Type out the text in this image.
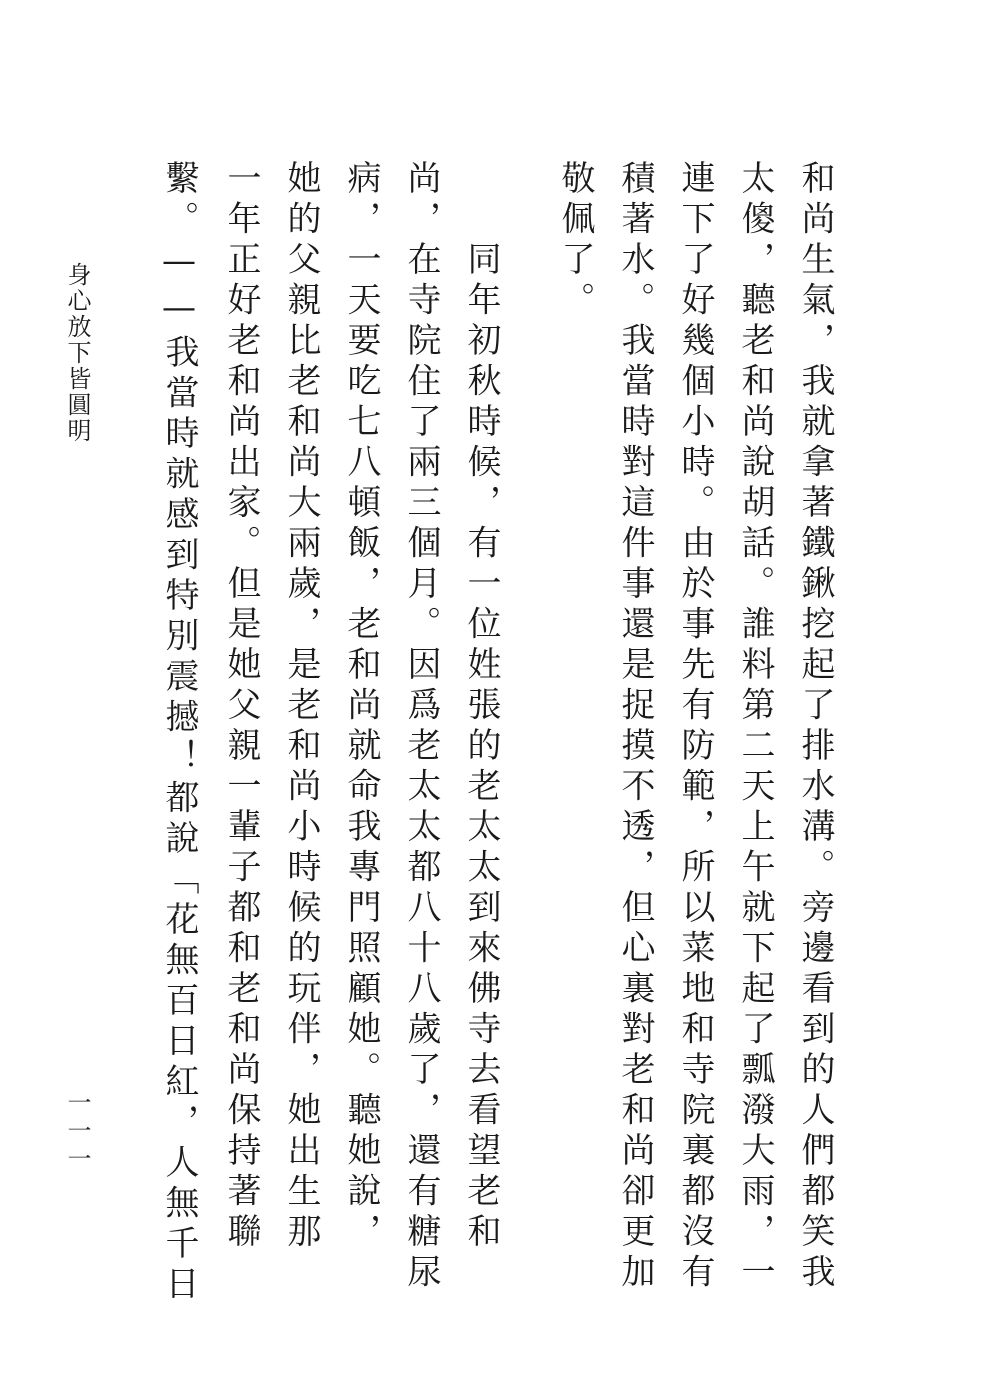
和尚生氣，我就拿著鐵鍬挖起了排水溝。旁邊看到的人們都笑我
太傻，聽老和尚說胡話。誰料第二天上午就下起了瓢潑大雨，一
連下了好幾個小時。由於事先有防範，所以菜地和寺院裏都沒有
積著水。我當時對這件事還是捉摸不透，但心裏對老和尚卻更加
敬佩了。
　　同年初秋時候，有一位姓張的老太太到來佛寺去看望老和
尚，在寺院住了兩三個月。因爲老太太都八十八歲了，還有糖尿
病，一天要吃七八頓飯，老和尚就命我專門照顧她。聽她說，
她的父親比老和尚大兩歲，是老和尚小時候的玩伴，她出生那
一年正好老和尚出家。但是她父親一輩子都和老和尚保持著聯
繫。——我當時就感到特別震撼！都說「花無百日紅，人無千日
身心放下皆圓明
一一一
